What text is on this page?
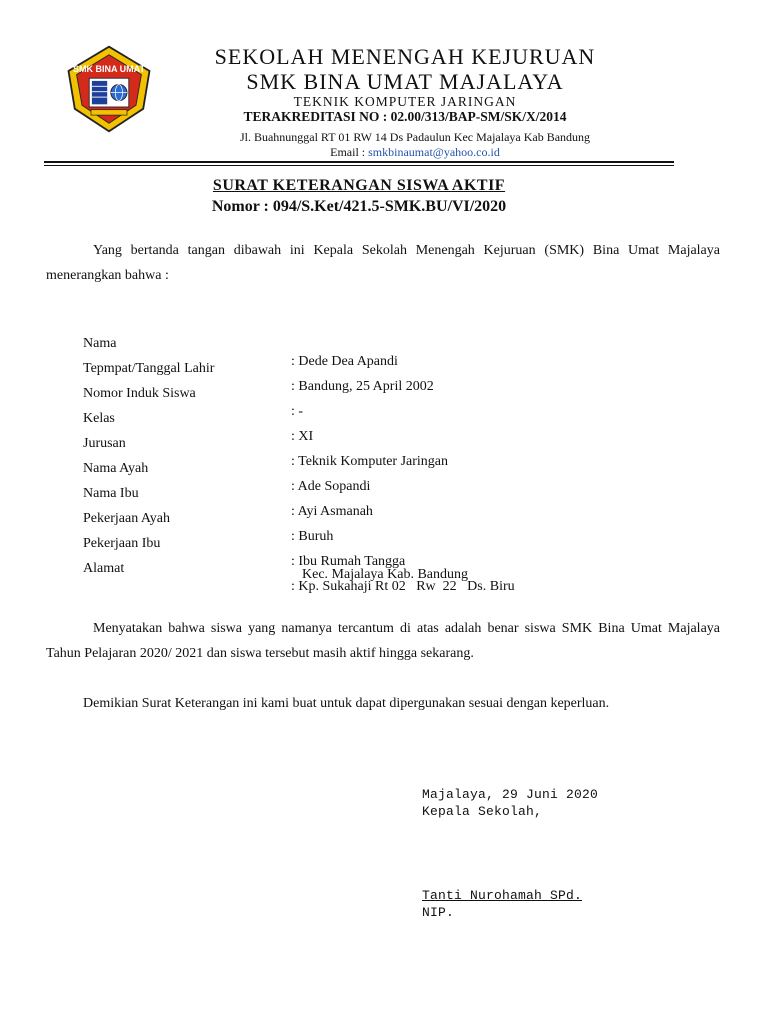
SMK BINA UMAT	SEKOLAH MENENGAH KEJURUAN
SMK BINA UMAT MAJALAYA
TEKNIK KOMPUTER JARINGAN
TERAKREDITASI NO : 02.00/313/BAP-SM/SK/X/2014
Jl. Buahnunggal RT 01 RW 14 Ds Padaulun Kec Majalaya Kab Bandung
Email : smkbinaumat@yahoo.co.id
SURAT KETERANGAN SISWA AKTIF
Nomor : 094/S.Ket/421.5-SMK.BU/VI/2020

Yang bertanda tangan dibawah ini Kepala Sekolah Menengah Kejuruan (SMK) Bina Umat Majalaya menerangkan bahwa :

Nama

: Dede Dea Apandi

Tepmpat/Tanggal Lahir

: Bandung, 25 April 2002

Nomor Induk Siswa

: -

Kelas

: XI

Jurusan

: Teknik Komputer Jaringan

Nama Ayah

: Ade Sopandi

Nama Ibu

: Ayi Asmanah

Pekerjaan Ayah

: Buruh

Pekerjaan Ibu

: Ibu Rumah Tangga

Alamat

: Kp. Sukahaji Rt 02   Rw  22   Ds. Biru

Kec. Majalaya Kab. Bandung

Menyatakan bahwa siswa yang namanya tercantum di atas adalah benar siswa SMK Bina Umat Majalaya Tahun Pelajaran 2020/ 2021 dan siswa tersebut masih aktif hingga sekarang.

Demikian Surat Keterangan ini kami buat untuk dapat dipergunakan sesuai dengan keperluan.

Majalaya, 29 Juni 2020
Kepala Sekolah,
Tanti Nurohamah SPd.
NIP.
